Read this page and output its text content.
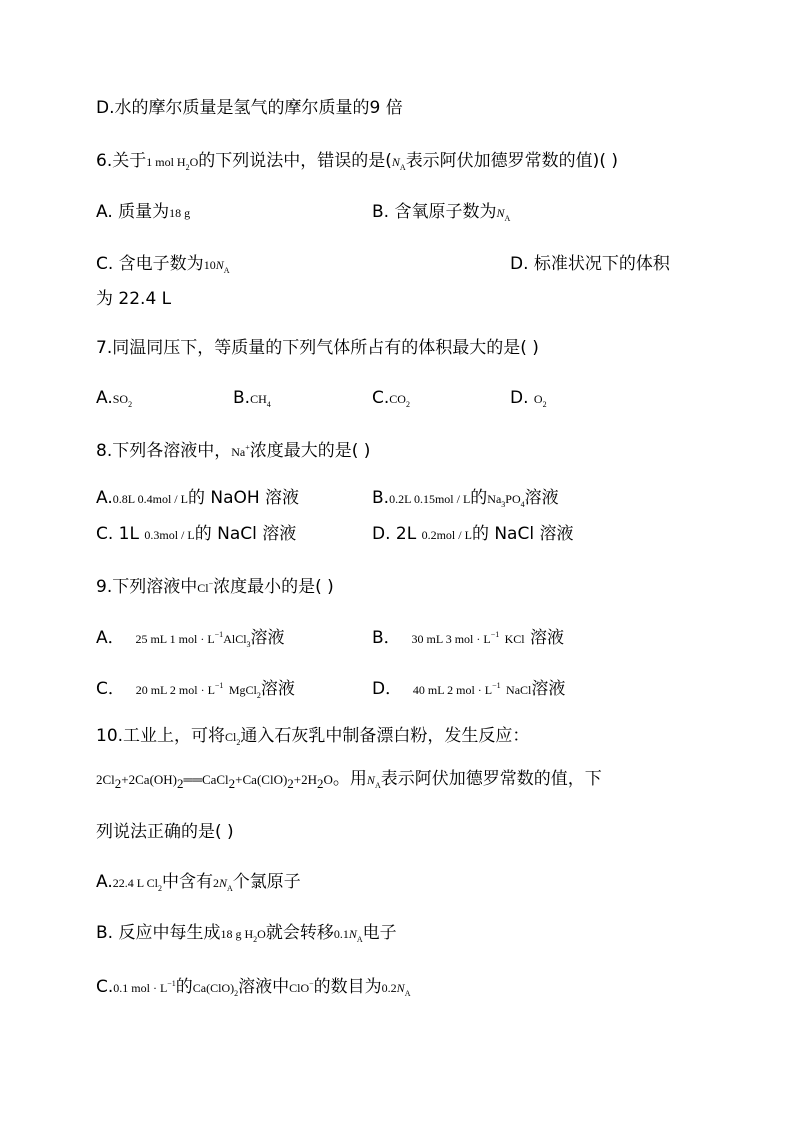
D.水的摩尔质量是氢气的摩尔质量的9 倍
6.关于1 mol $H_2O$的下列说法中，错误的是($N_A$表示阿伏加德罗常数的值)( )
A. 质量为18 g	B. 含氧原子数为$N_A$
C. 含电子数为$10N_A$	D. 标准状况下的体积
为 22.4 L
7.同温同压下，等质量的下列气体所占有的体积最大的是( )
$A.SO_2$	$B.CH_4$	$C.CO_2$	D. $O_2$
8.下列各溶液中，Na+浓度最大的是( )
A.0.8L 0.4mol / L的 NaOH 溶液	B.0.2L 0.15mol / L的$Na_3PO_4$溶液
C. 1L 0.3mol / L的 NaCl 溶液	D. 2L 0.2mol / L的 NaCl 溶液
9.下列溶液中Cl−浓度最小的是( )
A． 25 mL 1 mol · $L^{-1}AlCl_3$溶液	B． 30 mL 3 mol · $L^{-1}$ KCl 溶液
C． 20 mL 2 mol · $L^{-1}$ MgCl$_2$溶液	D． 40 mL 2 mol · $L^{-1}$ NaCl溶液
10.工业上，可将$Cl_2$通入石灰乳中制备漂白粉，发生反应：
$2Cl_2+2Ca(OH)_2══CaCl_2+Ca(ClO)_2+2H_2O$。用$N_A$表示阿伏加德罗常数的值，下
列说法正确的是( )
A.22.4 L $Cl_2$中含有$2N_A$个氯原子
B. 反应中每生成18 g $H_2O$就会转移$0.1N_A$电子
C.0.1 mol · $L^{-1}$的$Ca(ClO)_2$溶液中ClO−的数目为$0.2N_A$
